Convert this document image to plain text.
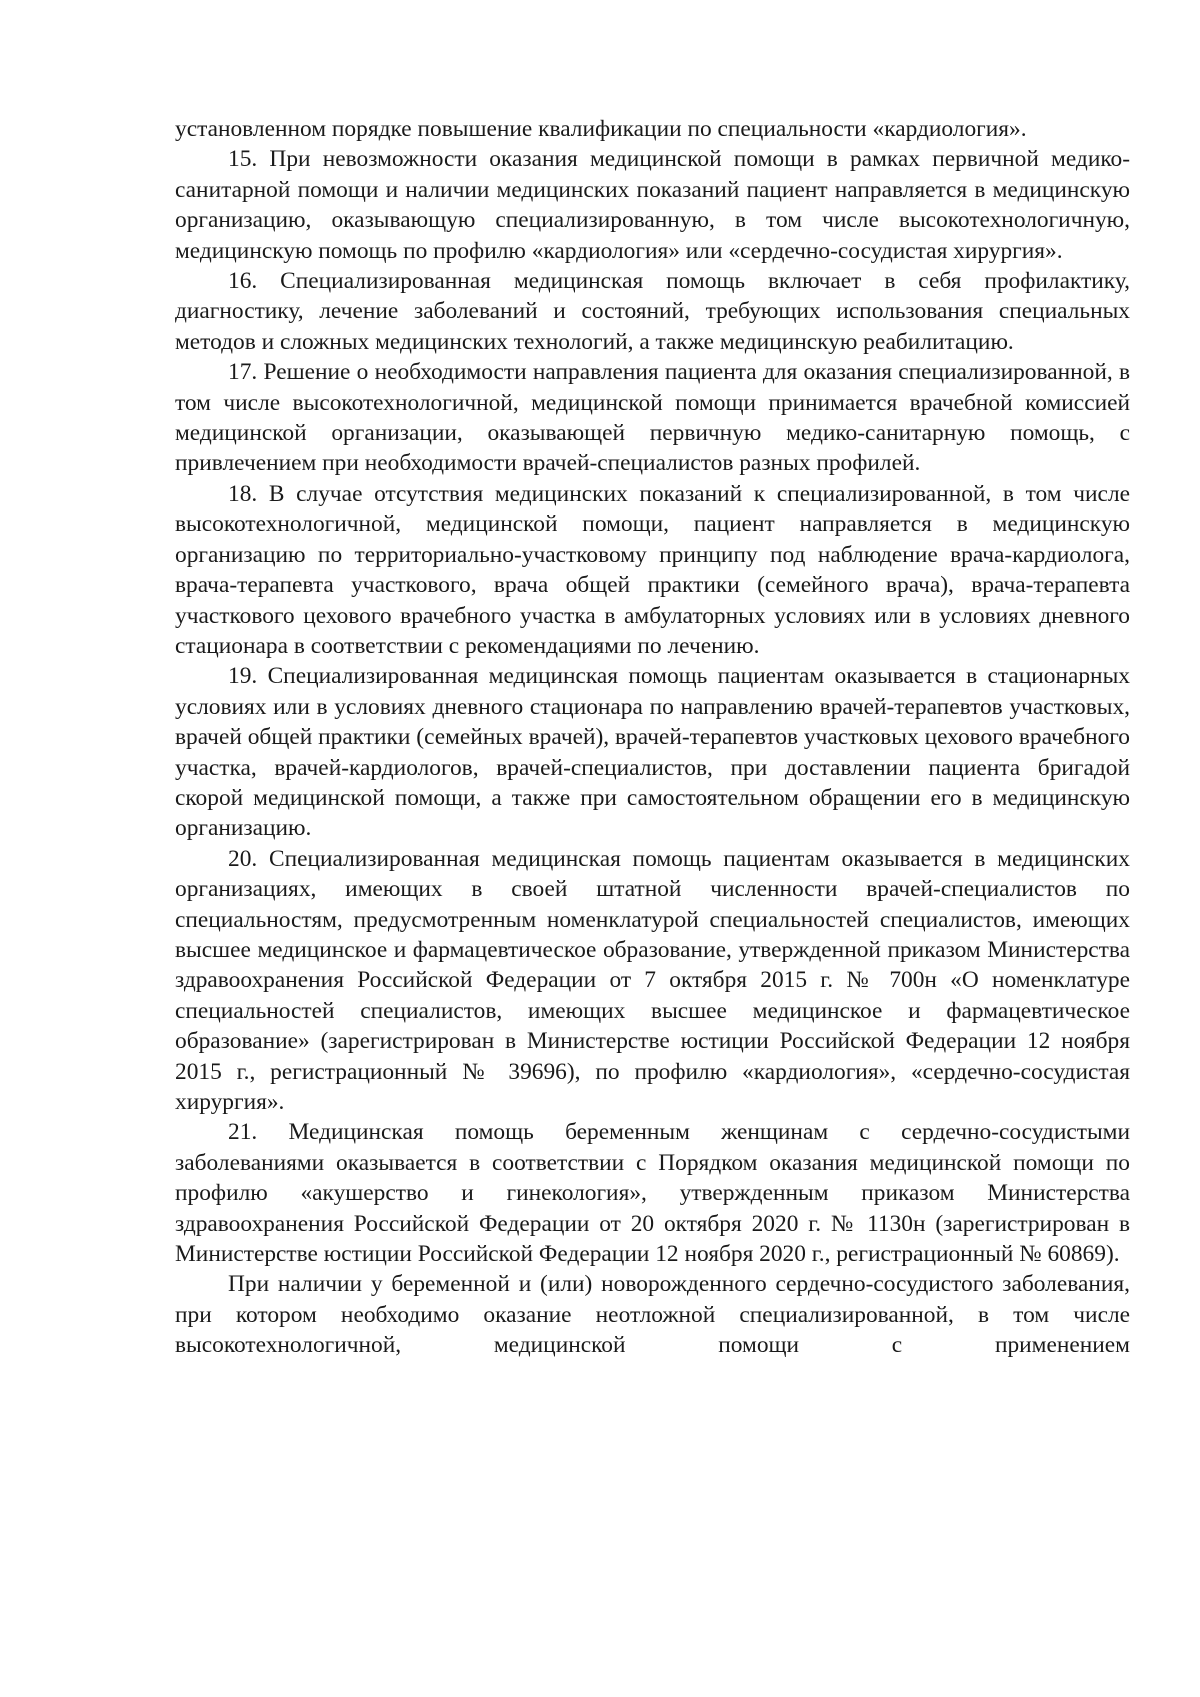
установленном порядке повышение квалификации по специальности «кардиология».

15. При невозможности оказания медицинской помощи в рамках первичной медико-санитарной помощи и наличии медицинских показаний пациент направляется в медицинскую организацию, оказывающую специализированную, в том числе высокотехнологичную, медицинскую помощь по профилю «кардиология» или «сердечно-сосудистая хирургия».

16. Специализированная медицинская помощь включает в себя профилактику, диагностику, лечение заболеваний и состояний, требующих использования специальных методов и сложных медицинских технологий, а также медицинскую реабилитацию.

17. Решение о необходимости направления пациента для оказания специализированной, в том числе высокотехнологичной, медицинской помощи принимается врачебной комиссией медицинской организации, оказывающей первичную медико-санитарную помощь, с привлечением при необходимости врачей-специалистов разных профилей.

18. В случае отсутствия медицинских показаний к специализированной, в том числе высокотехнологичной, медицинской помощи, пациент направляется в медицинскую организацию по территориально-участковому принципу под наблюдение врача-кардиолога, врача-терапевта участкового, врача общей практики (семейного врача), врача-терапевта участкового цехового врачебного участка в амбулаторных условиях или в условиях дневного стационара в соответствии с рекомендациями по лечению.

19. Специализированная медицинская помощь пациентам оказывается в стационарных условиях или в условиях дневного стационара по направлению врачей-терапевтов участковых, врачей общей практики (семейных врачей), врачей-терапевтов участковых цехового врачебного участка, врачей-кардиологов, врачей-специалистов, при доставлении пациента бригадой скорой медицинской помощи, а также при самостоятельном обращении его в медицинскую организацию.

20. Специализированная медицинская помощь пациентам оказывается в медицинских организациях, имеющих в своей штатной численности врачей-специалистов по специальностям, предусмотренным номенклатурой специальностей специалистов, имеющих высшее медицинское и фармацевтическое образование, утвержденной приказом Министерства здравоохранения Российской Федерации от 7 октября 2015 г. № 700н «О номенклатуре специальностей специалистов, имеющих высшее медицинское и фармацевтическое образование» (зарегистрирован в Министерстве юстиции Российской Федерации 12 ноября 2015 г., регистрационный № 39696), по профилю «кардиология», «сердечно-сосудистая хирургия».

21. Медицинская помощь беременным женщинам с сердечно-сосудистыми заболеваниями оказывается в соответствии с Порядком оказания медицинской помощи по профилю «акушерство и гинекология», утвержденным приказом Министерства здравоохранения Российской Федерации от 20 октября 2020 г. № 1130н (зарегистрирован в Министерстве юстиции Российской Федерации 12 ноября 2020 г., регистрационный № 60869).

При наличии у беременной и (или) новорожденного сердечно-сосудистого заболевания, при котором необходимо оказание неотложной специализированной, в том числе высокотехнологичной, медицинской помощи с применением
